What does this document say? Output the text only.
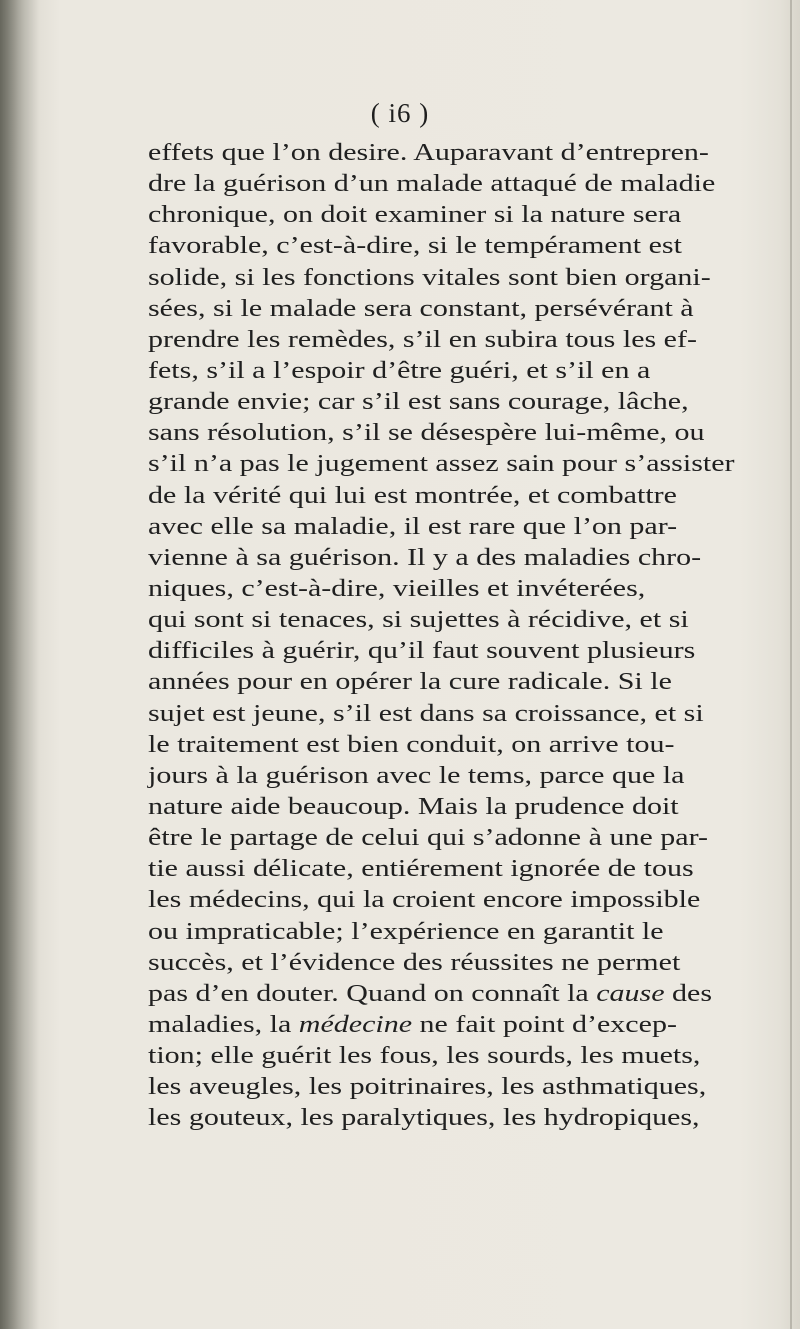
( i6 )
effets que l’on desire. Auparavant d’entrepren-
dre la guérison d’un malade attaqué de maladie
chronique, on doit examiner si la nature sera
favorable, c’est-à-dire, si le tempérament est
solide, si les fonctions vitales sont bien organi-
sées, si le malade sera constant, persévérant à
prendre les remèdes, s’il en subira tous les ef-
fets, s’il a l’espoir d’être guéri, et s’il en a
grande envie; car s’il est sans courage, lâche,
sans résolution, s’il se désespère lui-même, ou
s’il n’a pas le jugement assez sain pour s’assister
de la vérité qui lui est montrée, et combattre
avec elle sa maladie, il est rare que l’on par-
vienne à sa guérison. Il y a des maladies chro-
niques, c’est-à-dire, vieilles et invéterées,
qui sont si tenaces, si sujettes à récidive, et si
difficiles à guérir, qu’il faut souvent plusieurs
années pour en opérer la cure radicale. Si le
sujet est jeune, s’il est dans sa croissance, et si
le traitement est bien conduit, on arrive tou-
jours à la guérison avec le tems, parce que la
nature aide beaucoup. Mais la prudence doit
être le partage de celui qui s’adonne à une par-
tie aussi délicate, entiérement ignorée de tous
les médecins, qui la croient encore impossible
ou impraticable; l’expérience en garantit le
succès, et l’évidence des réussites ne permet
pas d’en douter. Quand on connaît la cause des
maladies, la médecine ne fait point d’excep-
tion; elle guérit les fous, les sourds, les muets,
les aveugles, les poitrinaires, les asthmatiques,
les gouteux, les paralytiques, les hydropiques,
